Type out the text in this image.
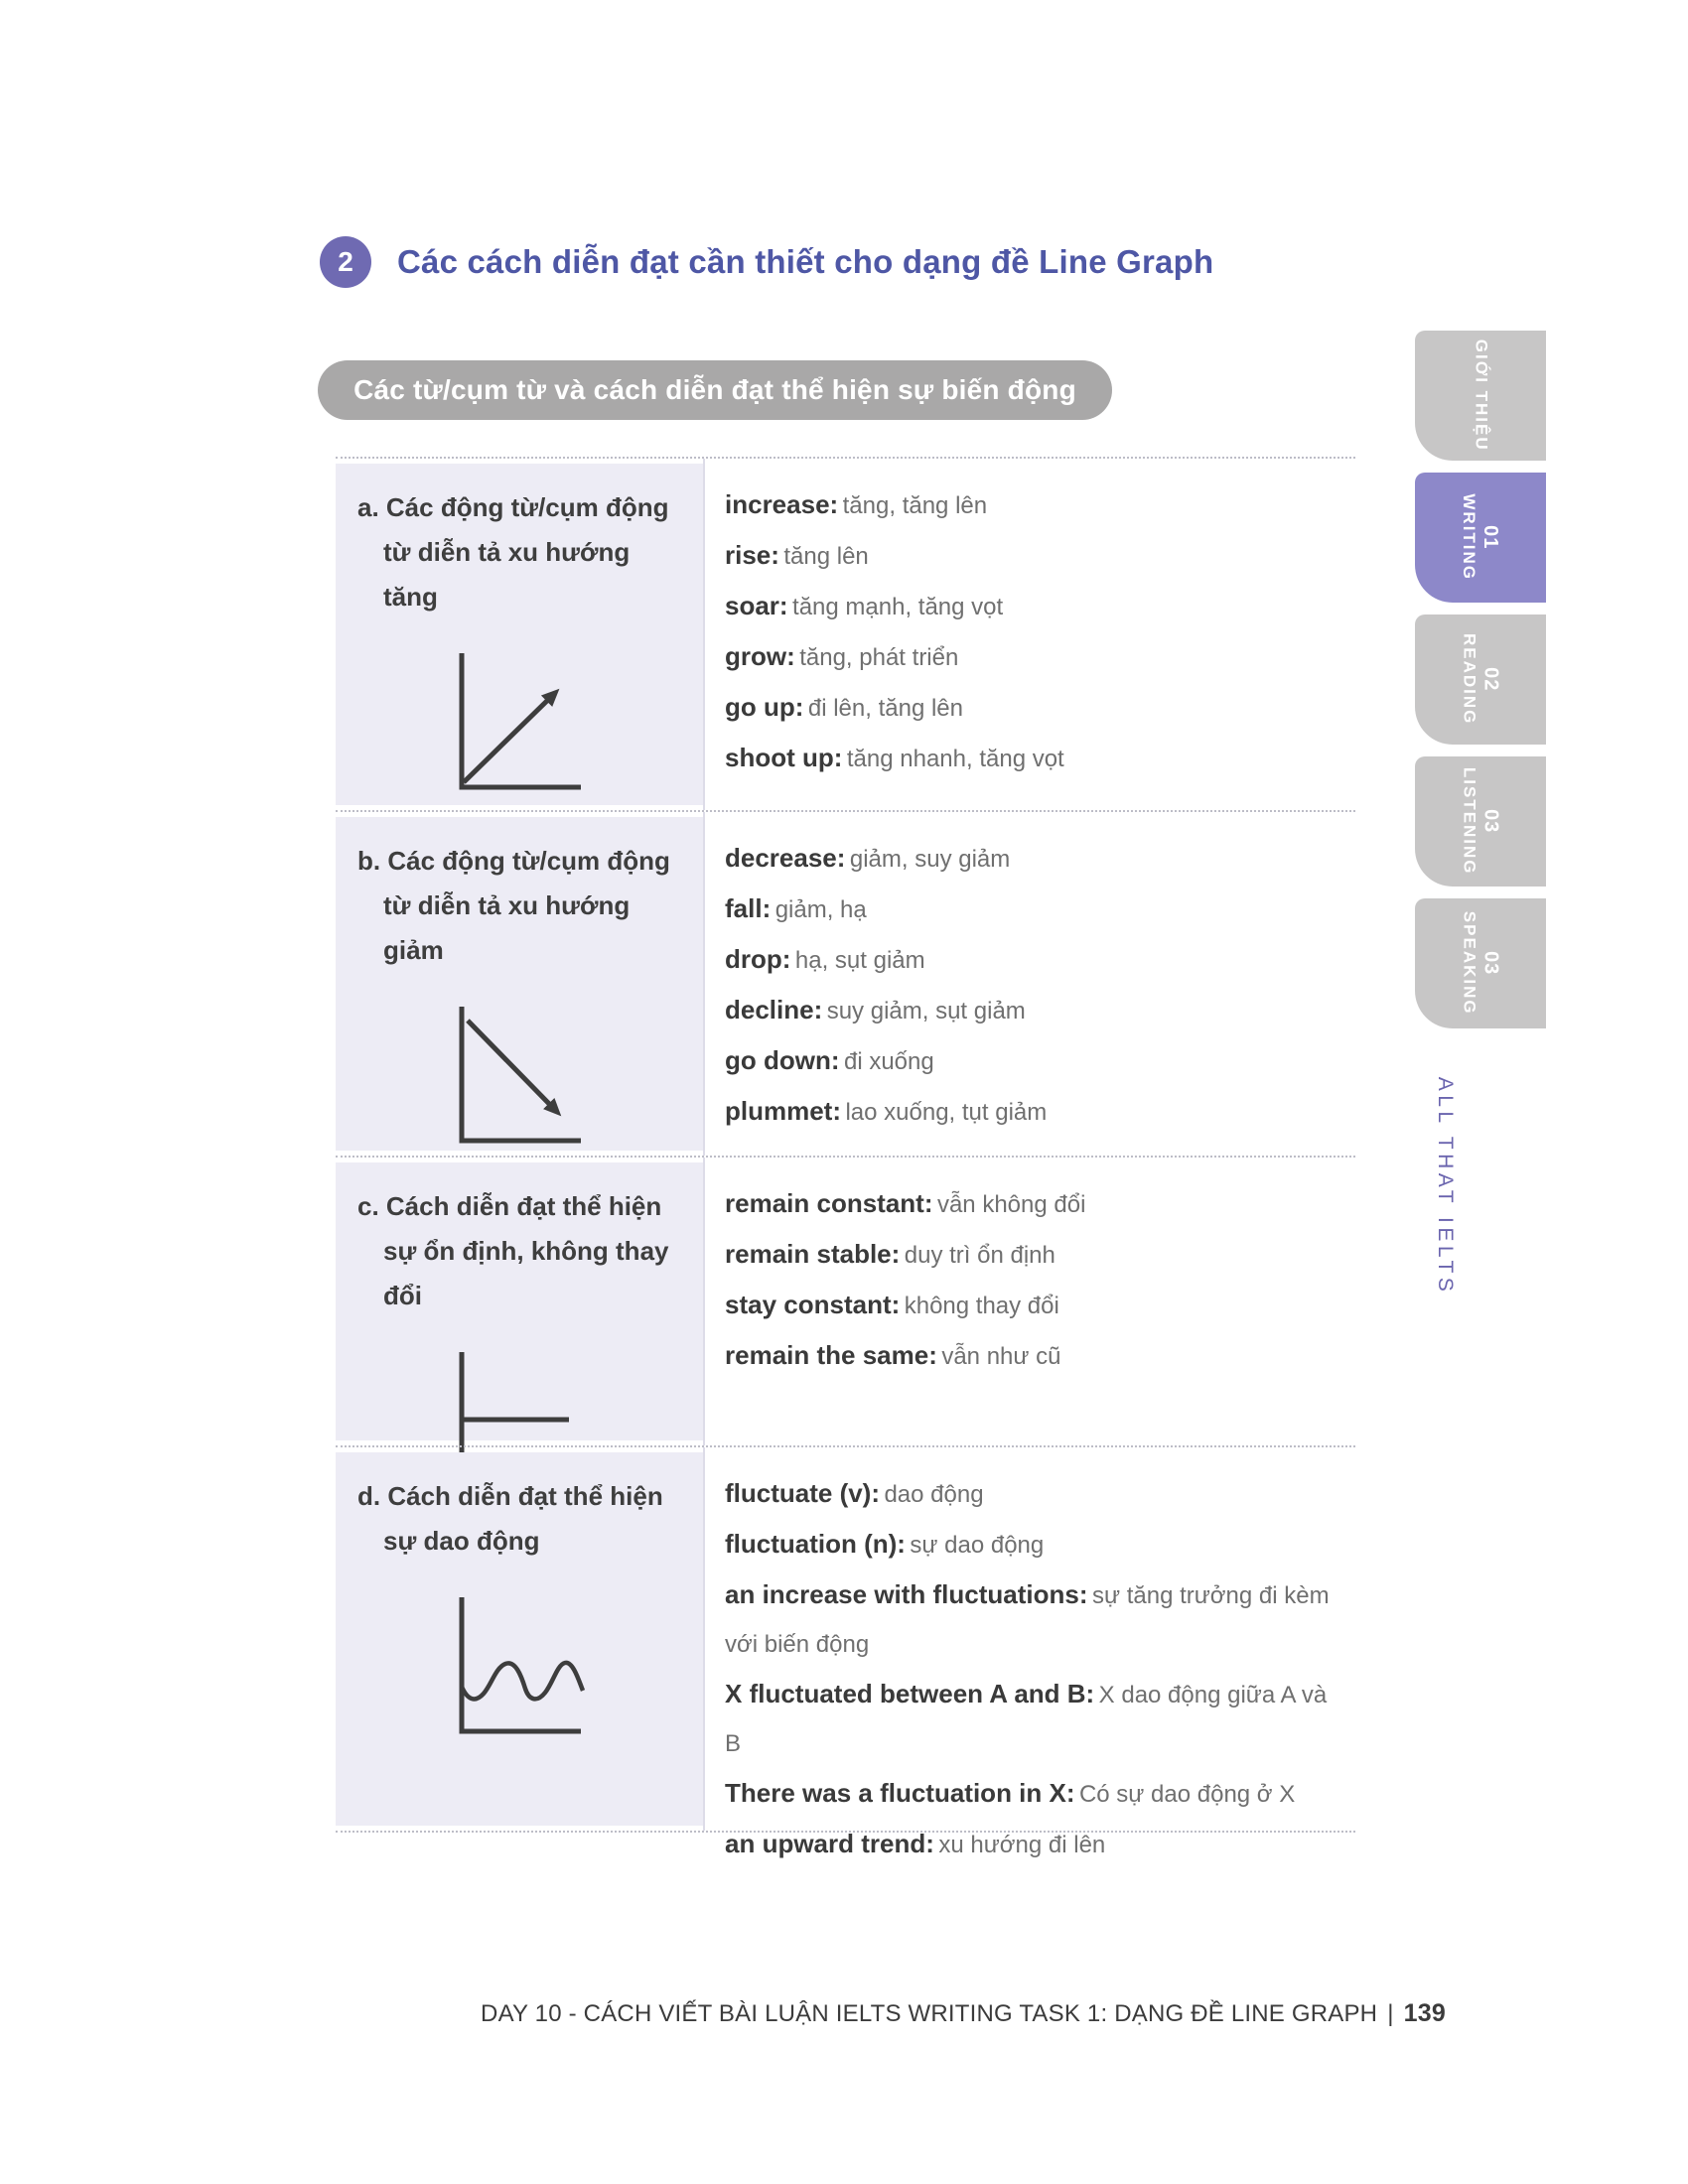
2 Các cách diễn đạt cần thiết cho dạng đề Line Graph
Các từ/cụm từ và cách diễn đạt thể hiện sự biến động

a. Các động từ/cụm động từ diễn tả xu hướng tăng

increase: tăng, tăng lên
rise: tăng lên
soar: tăng mạnh, tăng vọt
grow: tăng, phát triển
go up: đi lên, tăng lên
shoot up: tăng nhanh, tăng vọt

b. Các động từ/cụm động từ diễn tả xu hướng giảm

decrease: giảm, suy giảm
fall: giảm, hạ
drop: hạ, sụt giảm
decline: suy giảm, sụt giảm
go down: đi xuống
plummet: lao xuống, tụt giảm

c. Cách diễn đạt thể hiện sự ổn định, không thay đổi

remain constant: vẫn không đổi
remain stable: duy trì ổn định
stay constant: không thay đổi
remain the same: vẫn như cũ

d. Cách diễn đạt thể hiện sự dao động

fluctuate (v): dao động
fluctuation (n): sự dao động
an increase with fluctuations: sự tăng trưởng đi kèm với biến động
X fluctuated between A and B: X dao động giữa A và B
There was a fluctuation in X: Có sự dao động ở X
an upward trend: xu hướng đi lên
GIỚI THIỆU
01
WRITING
02
READING
03
LISTENING
03
SPEAKING
ALL THAT IELTS
DAY 10 - CÁCH VIẾT BÀI LUẬN IELTS WRITING TASK 1: DẠNG ĐỀ LINE GRAPH | 139
